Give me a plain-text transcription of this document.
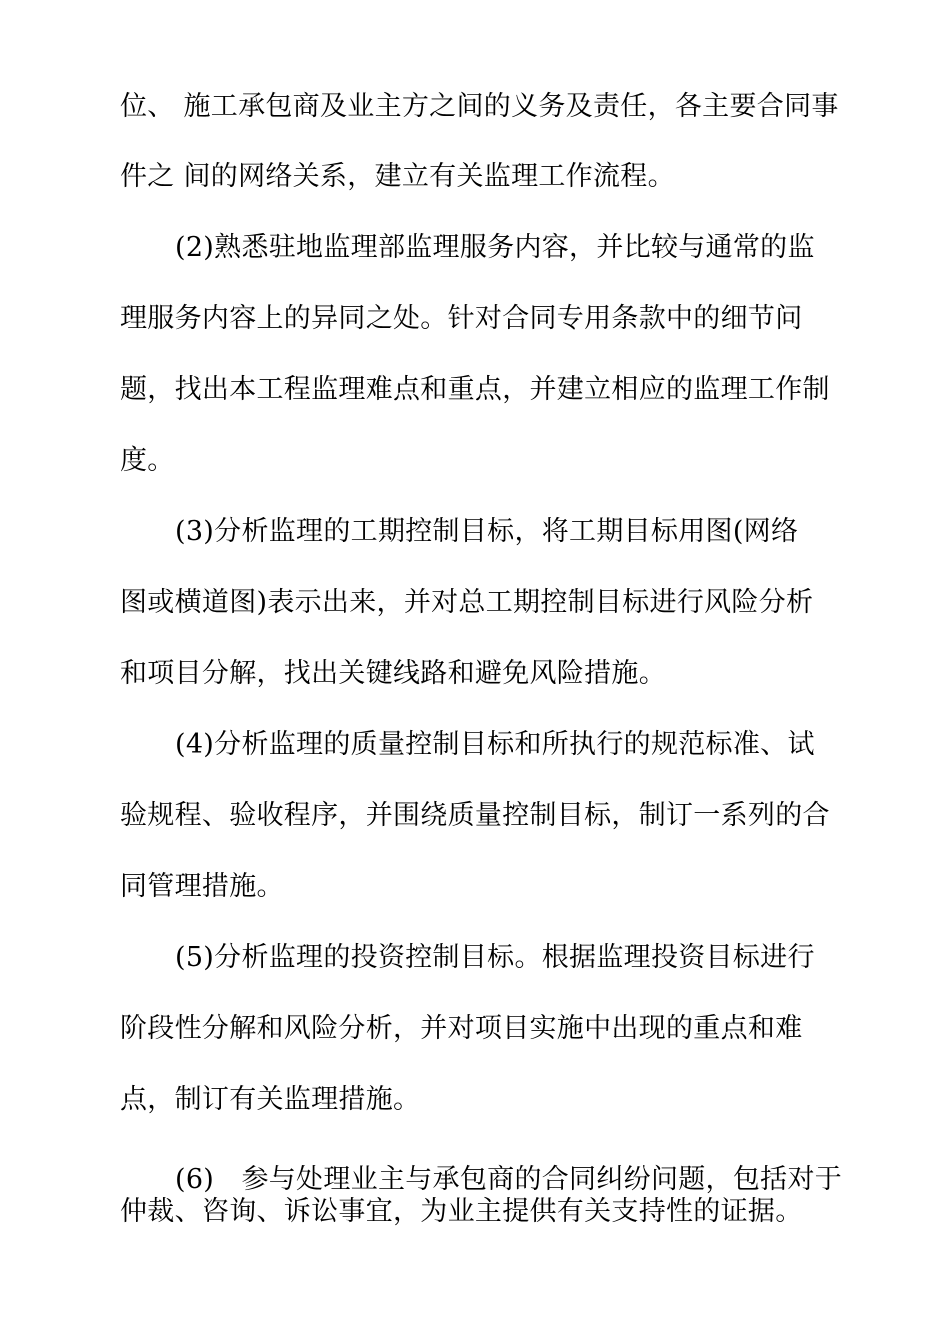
位、 施工承包商及业主方之间的义务及责任，各主要合同事
件之 间的网络关系，建立有关监理工作流程。
(2)熟悉驻地监理部监理服务内容，并比较与通常的监
理服务内容上的异同之处。针对合同专用条款中的细节问
题，找出本工程监理难点和重点，并建立相应的监理工作制
度。
(3)分析监理的工期控制目标，将工期目标用图(网络
图或横道图)表示出来，并对总工期控制目标进行风险分析
和项目分解，找出关键线路和避免风险措施。
(4)分析监理的质量控制目标和所执行的规范标准、试
验规程、验收程序，并围绕质量控制目标，制订一系列的合
同管理措施。
(5)分析监理的投资控制目标。根据监理投资目标进行
阶段性分解和风险分析，并对项目实施中出现的重点和难
点，制订有关监理措施。
(6)　参与处理业主与承包商的合同纠纷问题，包括对于
仲裁、咨询、诉讼事宜，为业主提供有关支持性的证据。
